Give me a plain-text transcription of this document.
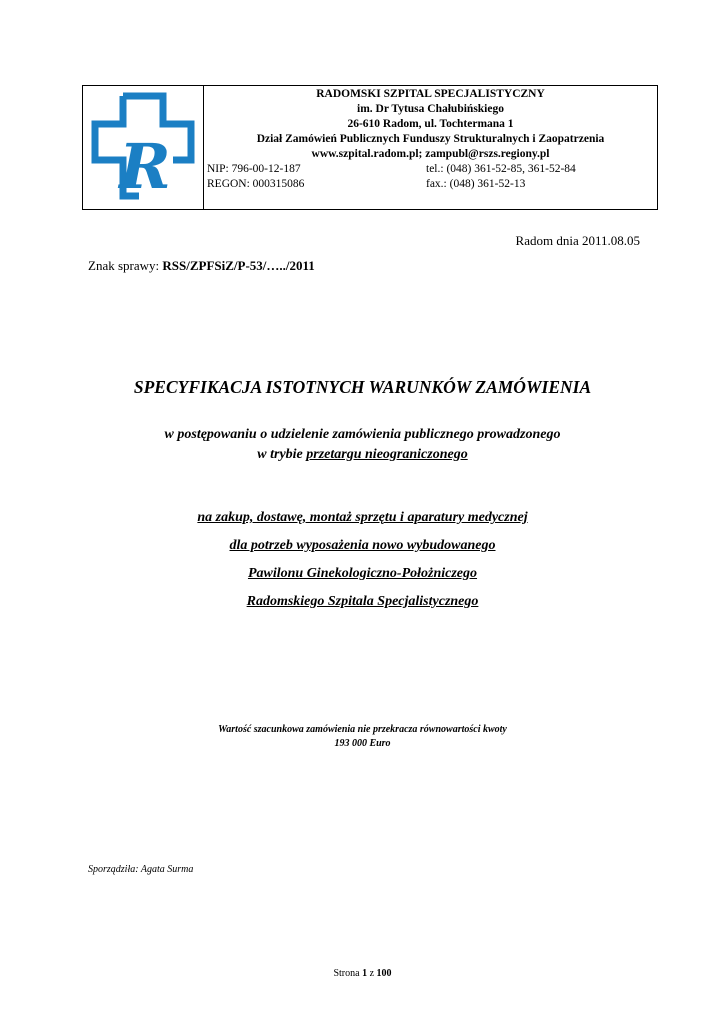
R
RADOMSKI SZPITAL SPECJALISTYCZNY
im. Dr Tytusa Chałubińskiego
26-610 Radom, ul. Tochtermana 1
Dział Zamówień Publicznych Funduszy Strukturalnych i Zaopatrzenia
www.szpital.radom.pl; zampubl@rszs.regiony.pl
NIP: 796-00-12-187	tel.: (048) 361-52-85, 361-52-84
REGON: 000315086	fax.: (048) 361-52-13
Radom dnia 2011.08.05
Znak sprawy: RSS/ZPFSiZ/P-53/…../2011
SPECYFIKACJA ISTOTNYCH WARUNKÓW ZAMÓWIENIA
w postępowaniu o udzielenie zamówienia publicznego prowadzonego
w trybie przetargu nieograniczonego
na zakup, dostawę, montaż sprzętu i aparatury medycznej
dla potrzeb wyposażenia nowo wybudowanego
Pawilonu Ginekologiczno-Położniczego
Radomskiego Szpitala Specjalistycznego
Wartość szacunkowa zamówienia nie przekracza równowartości kwoty
193 000 Euro
Sporządziła: Agata Surma
Strona 1 z 100
